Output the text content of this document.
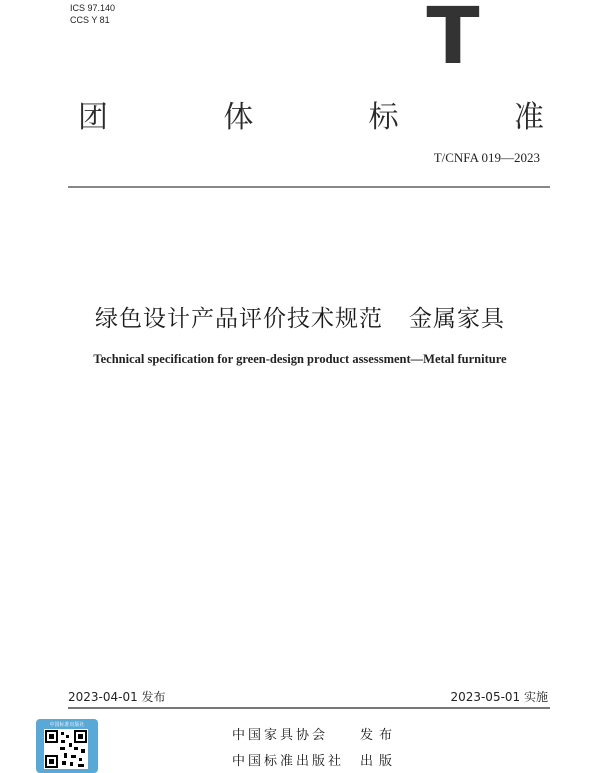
ICS 97.140
CCS Y 81	T
团	体	标	准
T/CNFA 019—2023
绿色设计产品评价技术规范 金属家具
Technical specification for green-design product assessment—Metal furniture
2023-04-01 发布	2023-05-01 实施
中国标准出版社
中国家具协会	发布
中国标准出版社	出版
